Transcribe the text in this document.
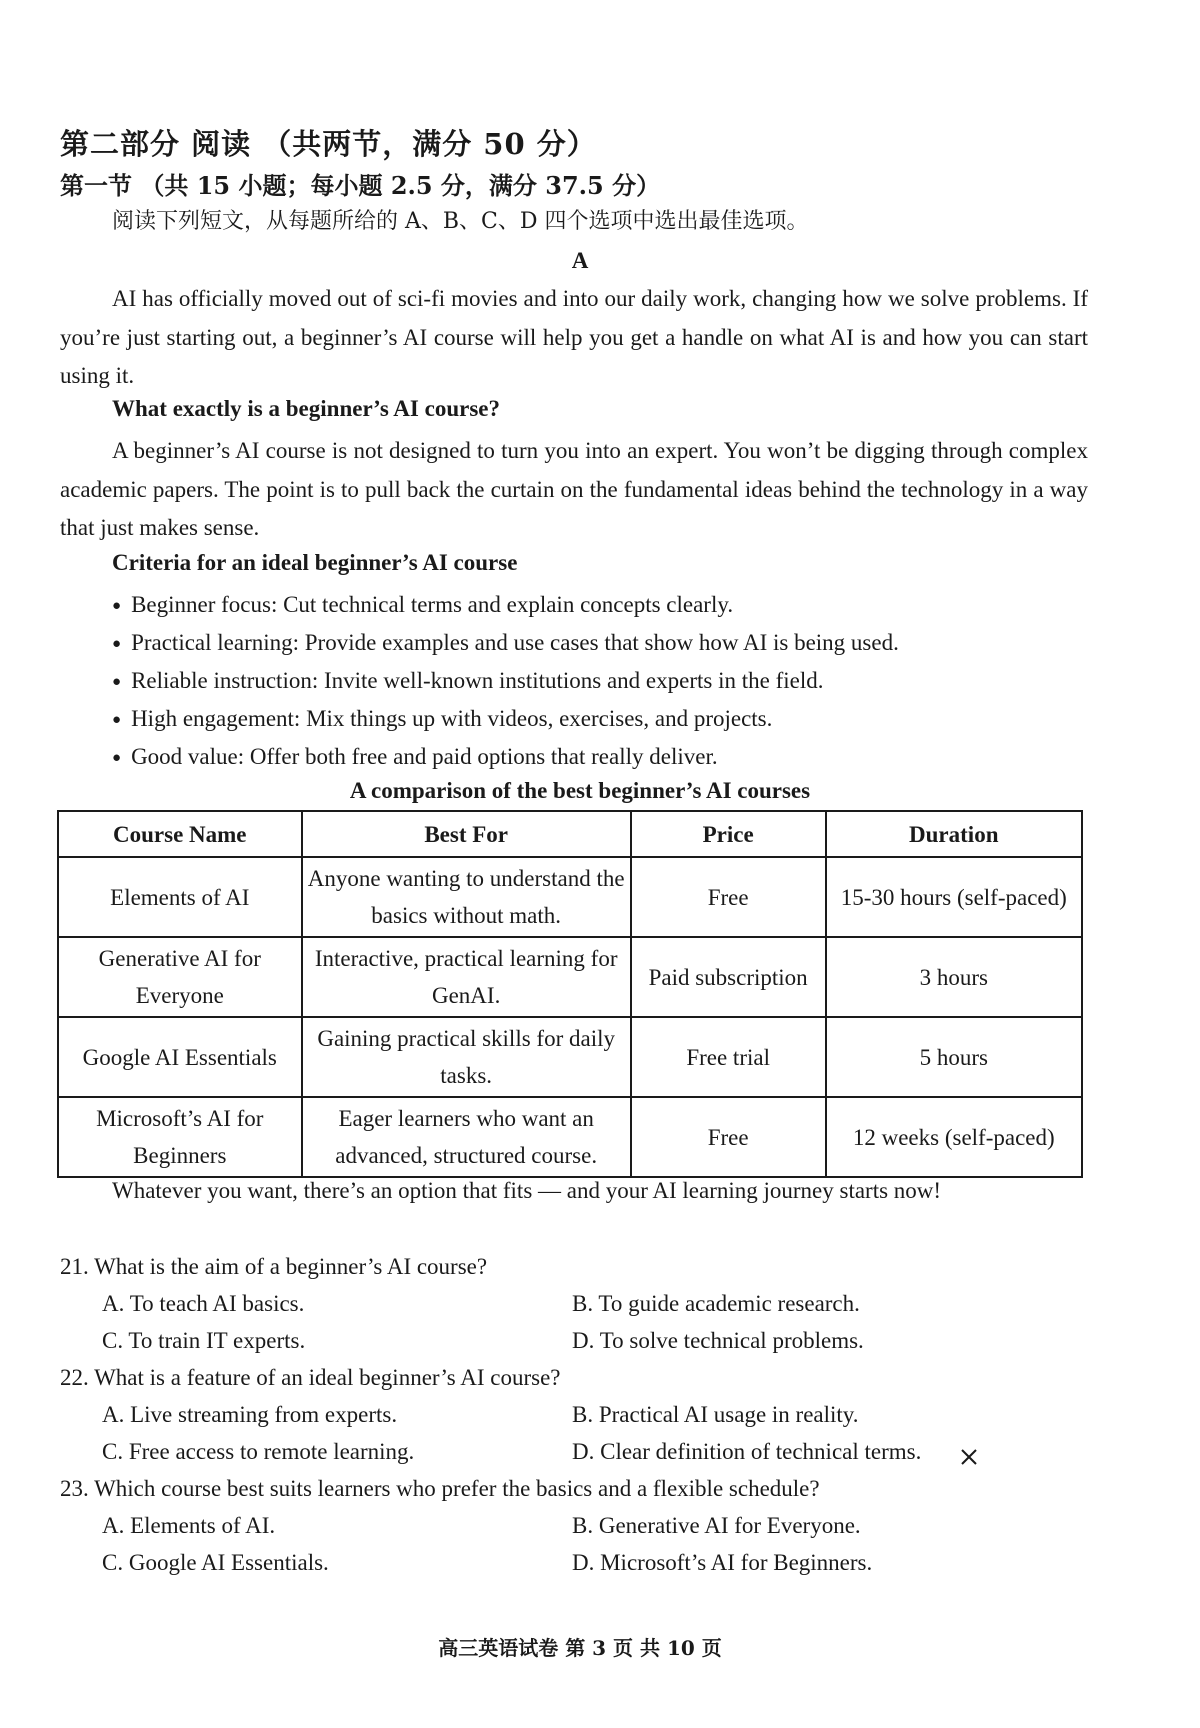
第二部分 阅读 （共两节，满分 50 分）
第一节 （共 15 小题；每小题 2.5 分，满分 37.5 分）
阅读下列短文，从每题所给的 A、B、C、D 四个选项中选出最佳选项。
A
AI has officially moved out of sci-fi movies and into our daily work, changing how we solve problems. If you’re just starting out, a beginner’s AI course will help you get a handle on what AI is and how you can start using it.
What exactly is a beginner’s AI course?
A beginner’s AI course is not designed to turn you into an expert. You won’t be digging through complex academic papers. The point is to pull back the curtain on the fundamental ideas behind the technology in a way that just makes sense.
Criteria for an ideal beginner’s AI course
● Beginner focus: Cut technical terms and explain concepts clearly.
● Practical learning: Provide examples and use cases that show how AI is being used.
● Reliable instruction: Invite well-known institutions and experts in the field.
● High engagement: Mix things up with videos, exercises, and projects.
● Good value: Offer both free and paid options that really deliver.
A comparison of the best beginner’s AI courses
Course Name	Best For	Price	Duration
Elements of AI	Anyone wanting to understand the basics without math.	Free	15-30 hours (self-paced)
Generative AI for Everyone	Interactive, practical learning for GenAI.	Paid subscription	3 hours
Google AI Essentials	Gaining practical skills for daily tasks.	Free trial	5 hours
Microsoft’s AI for Beginners	Eager learners who want an advanced, structured course.	Free	12 weeks (self-paced)
Whatever you want, there’s an option that fits — and your AI learning journey starts now!
21. What is the aim of a beginner’s AI course?
A. To teach AI basics.	B. To guide academic research.
C. To train IT experts.	D. To solve technical problems.
22. What is a feature of an ideal beginner’s AI course?
A. Live streaming from experts.	B. Practical AI usage in reality.
C. Free access to remote learning.	D. Clear definition of technical terms.
23. Which course best suits learners who prefer the basics and a flexible schedule?
A. Elements of AI.	B. Generative AI for Everyone.
C. Google AI Essentials.	D. Microsoft’s AI for Beginners.
高三英语试卷 第 3 页 共 10 页
